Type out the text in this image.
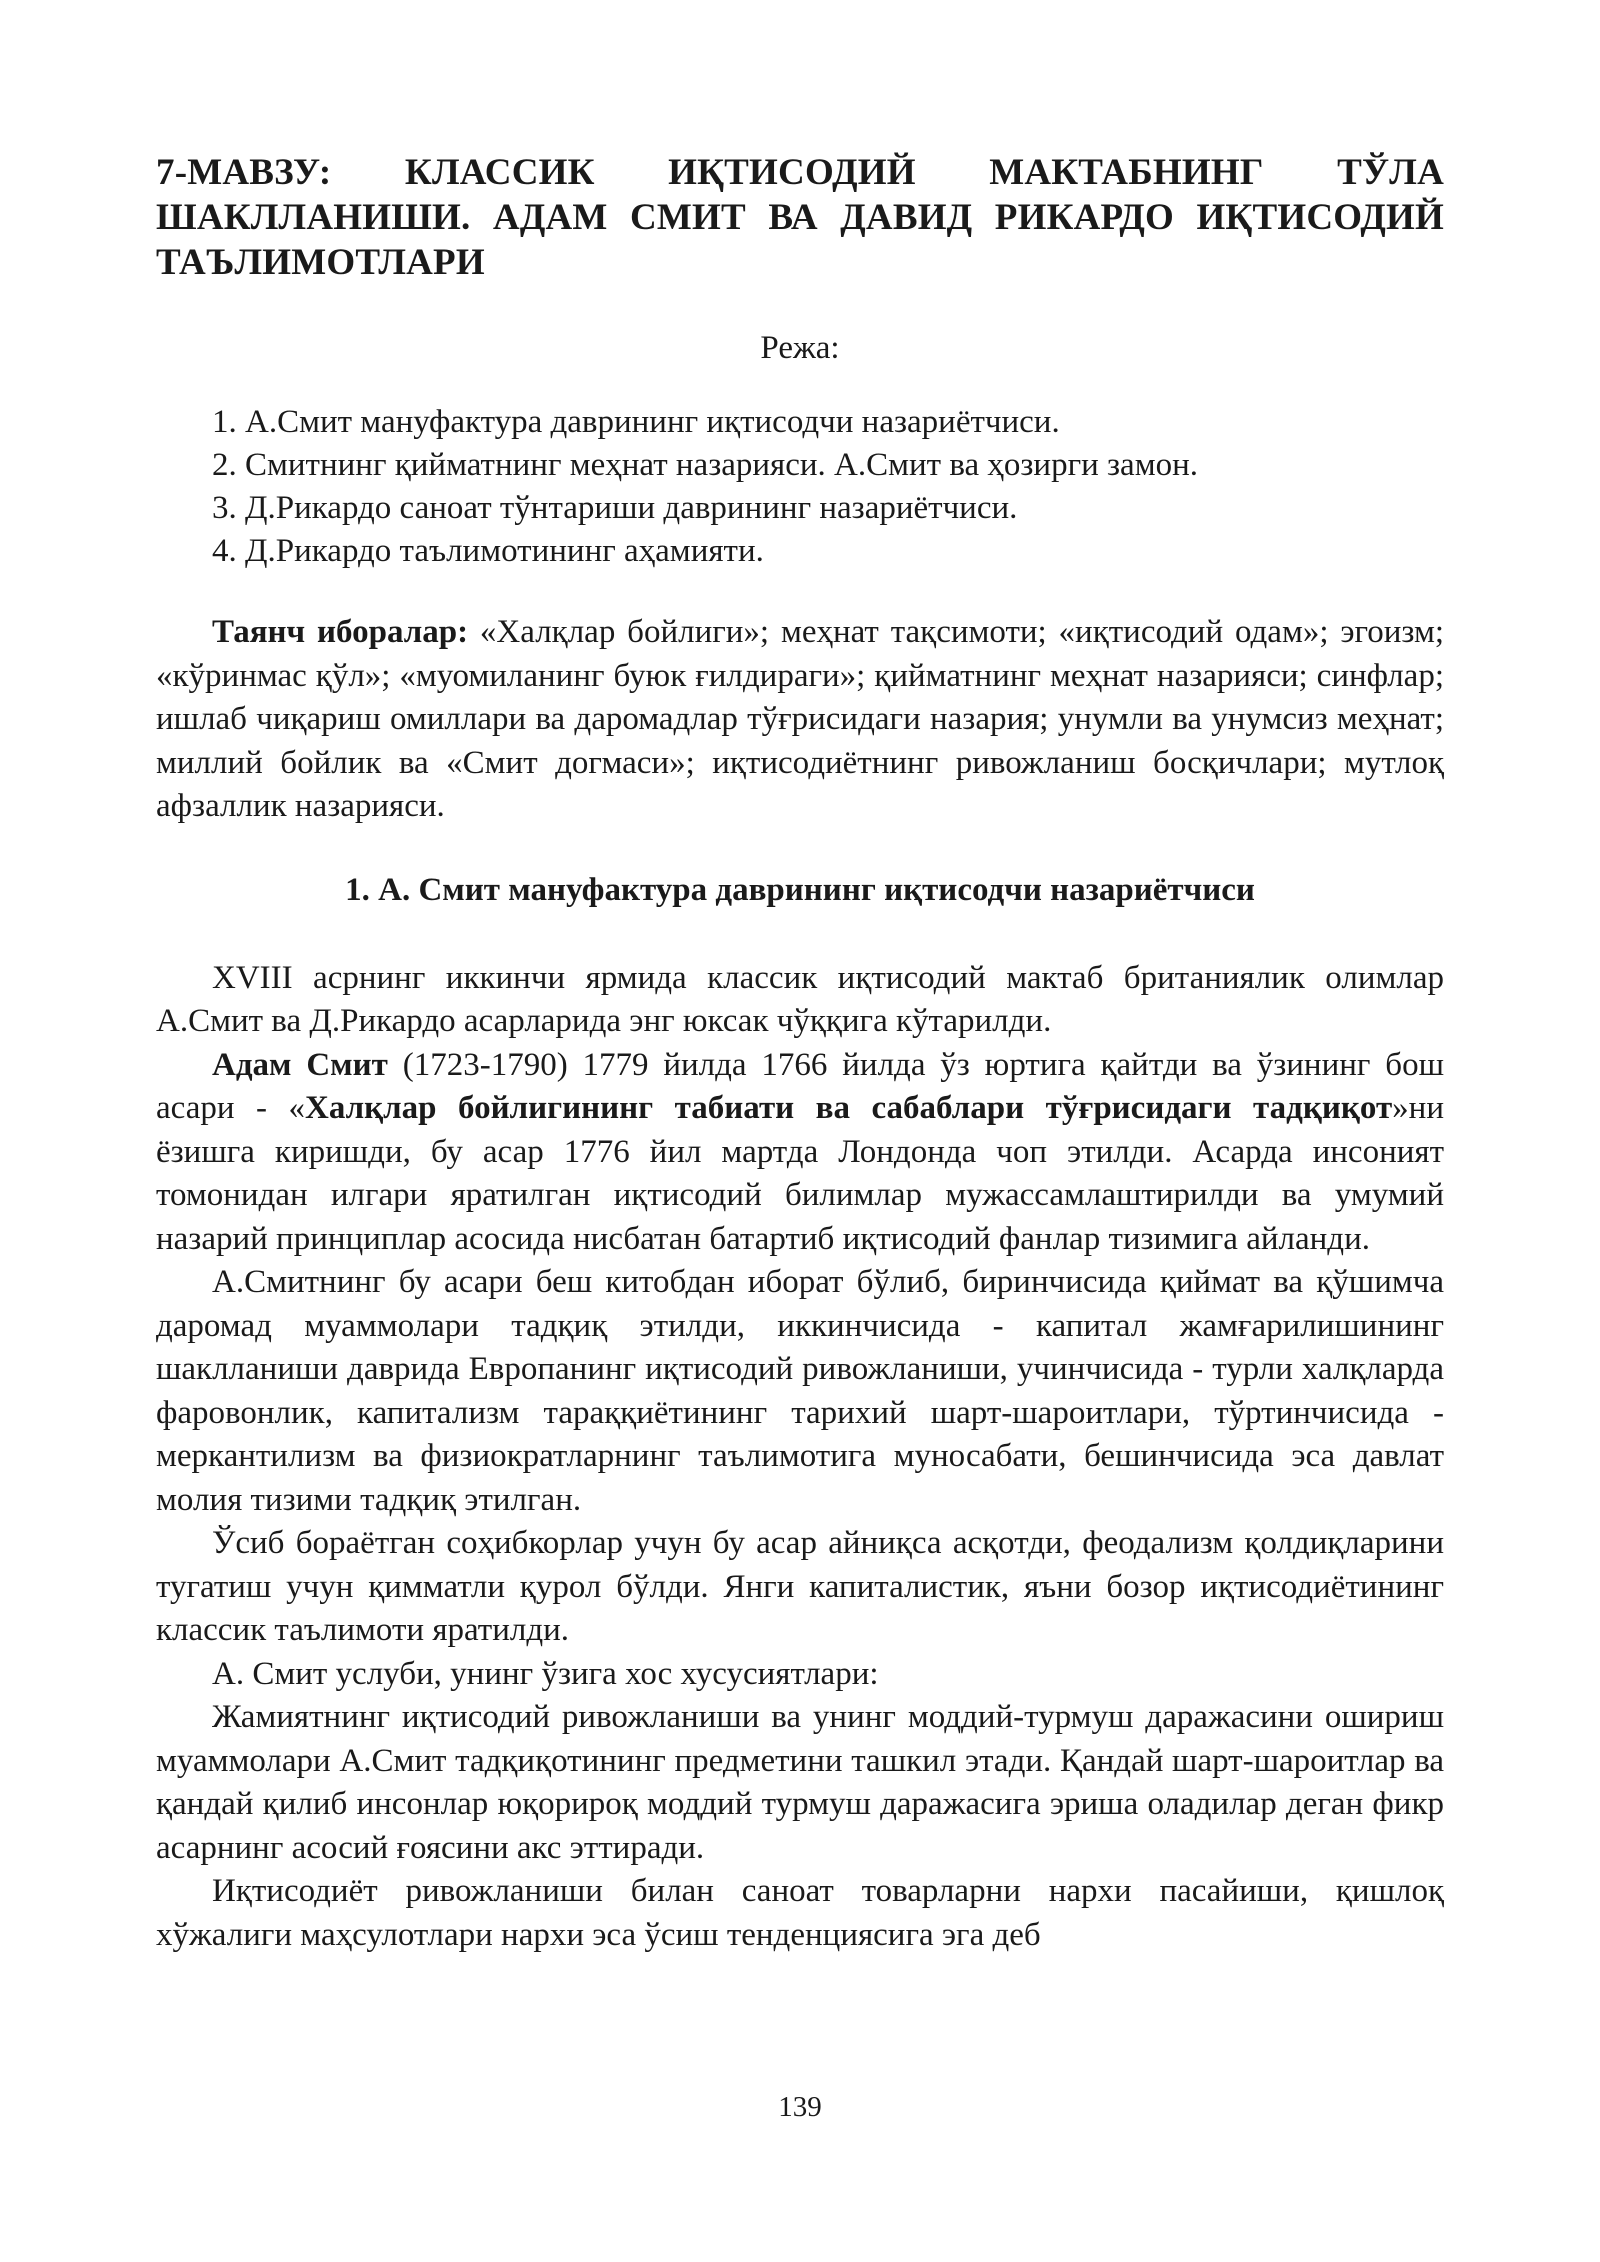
7-МАВЗУ: КЛАССИК ИҚТИСОДИЙ МАКТАБНИНГ ТЎЛА ШАКЛЛАНИШИ. АДАМ СМИТ ВА ДАВИД РИКАРДО ИҚТИСОДИЙ ТАЪЛИМОТЛАРИ
Режа:
1. А.Смит мануфактура даврининг иқтисодчи назариётчиси.
2. Смитнинг қийматнинг меҳнат назарияси. А.Смит ва ҳозирги замон.
3. Д.Рикардо саноат тўнтариши даврининг назариётчиси.
4. Д.Рикардо таълимотининг аҳамияти.

Таянч иборалар: «Халқлар бойлиги»; меҳнат тақсимоти; «иқтисодий одам»; эгоизм; «кўринмас қўл»; «муомиланинг буюк ғилдираги»; қийматнинг меҳнат назарияси; синфлар; ишлаб чиқариш омиллари ва даромадлар тўғрисидаги назария; унумли ва унумсиз меҳнат; миллий бойлик ва «Смит догмаси»; иқтисодиётнинг ривожланиш босқичлари; мутлоқ афзаллик назарияси.

1. А. Смит мануфактура даврининг иқтисодчи назариётчиси

XVIII асрнинг иккинчи ярмида классик иқтисодий мактаб британиялик олимлар А.Смит ва Д.Рикардо асарларида энг юксак чўққига кўтарилди.

Адам Смит (1723-1790) 1779 йилда 1766 йилда ўз юртига қайтди ва ўзининг бош асари - «Халқлар бойлигининг табиати ва сабаблари тўғрисидаги тадқиқот»ни ёзишга киришди, бу асар 1776 йил мартда Лондонда чоп этилди. Асарда инсоният томонидан илгари яратилган иқтисодий билимлар мужассамлаштирилди ва умумий назарий принциплар асосида нисбатан батартиб иқтисодий фанлар тизимига айланди.

А.Смитнинг бу асари беш китобдан иборат бўлиб, биринчисида қиймат ва қўшимча даромад муаммолари тадқиқ этилди, иккинчисида - капитал жамғарилишининг шаклланиши даврида Европанинг иқтисодий ривожланиши, учинчисида - турли халқларда фаровонлик, капитализм тараққиётининг тарихий шарт-шароитлари, тўртинчисида - меркантилизм ва физиократларнинг таълимотига муносабати, бешинчисида эса давлат молия тизими тадқиқ этилган.

Ўсиб бораётган соҳибкорлар учун бу асар айниқса асқотди, феодализм қолдиқларини тугатиш учун қимматли қурол бўлди. Янги капиталистик, яъни бозор иқтисодиётининг классик таълимоти яратилди.

А. Смит услуби, унинг ўзига хос хусусиятлари:

Жамиятнинг иқтисодий ривожланиши ва унинг моддий-турмуш даражасини ошириш муаммолари А.Смит тадқиқотининг предметини ташкил этади. Қандай шарт-шароитлар ва қандай қилиб инсонлар юқорироқ моддий турмуш даражасига эриша оладилар деган фикр асарнинг асосий ғоясини акс эттиради.

Иқтисодиёт ривожланиши билан саноат товарларни нархи пасайиши, қишлоқ хўжалиги маҳсулотлари нархи эса ўсиш тенденциясига эга деб

139
